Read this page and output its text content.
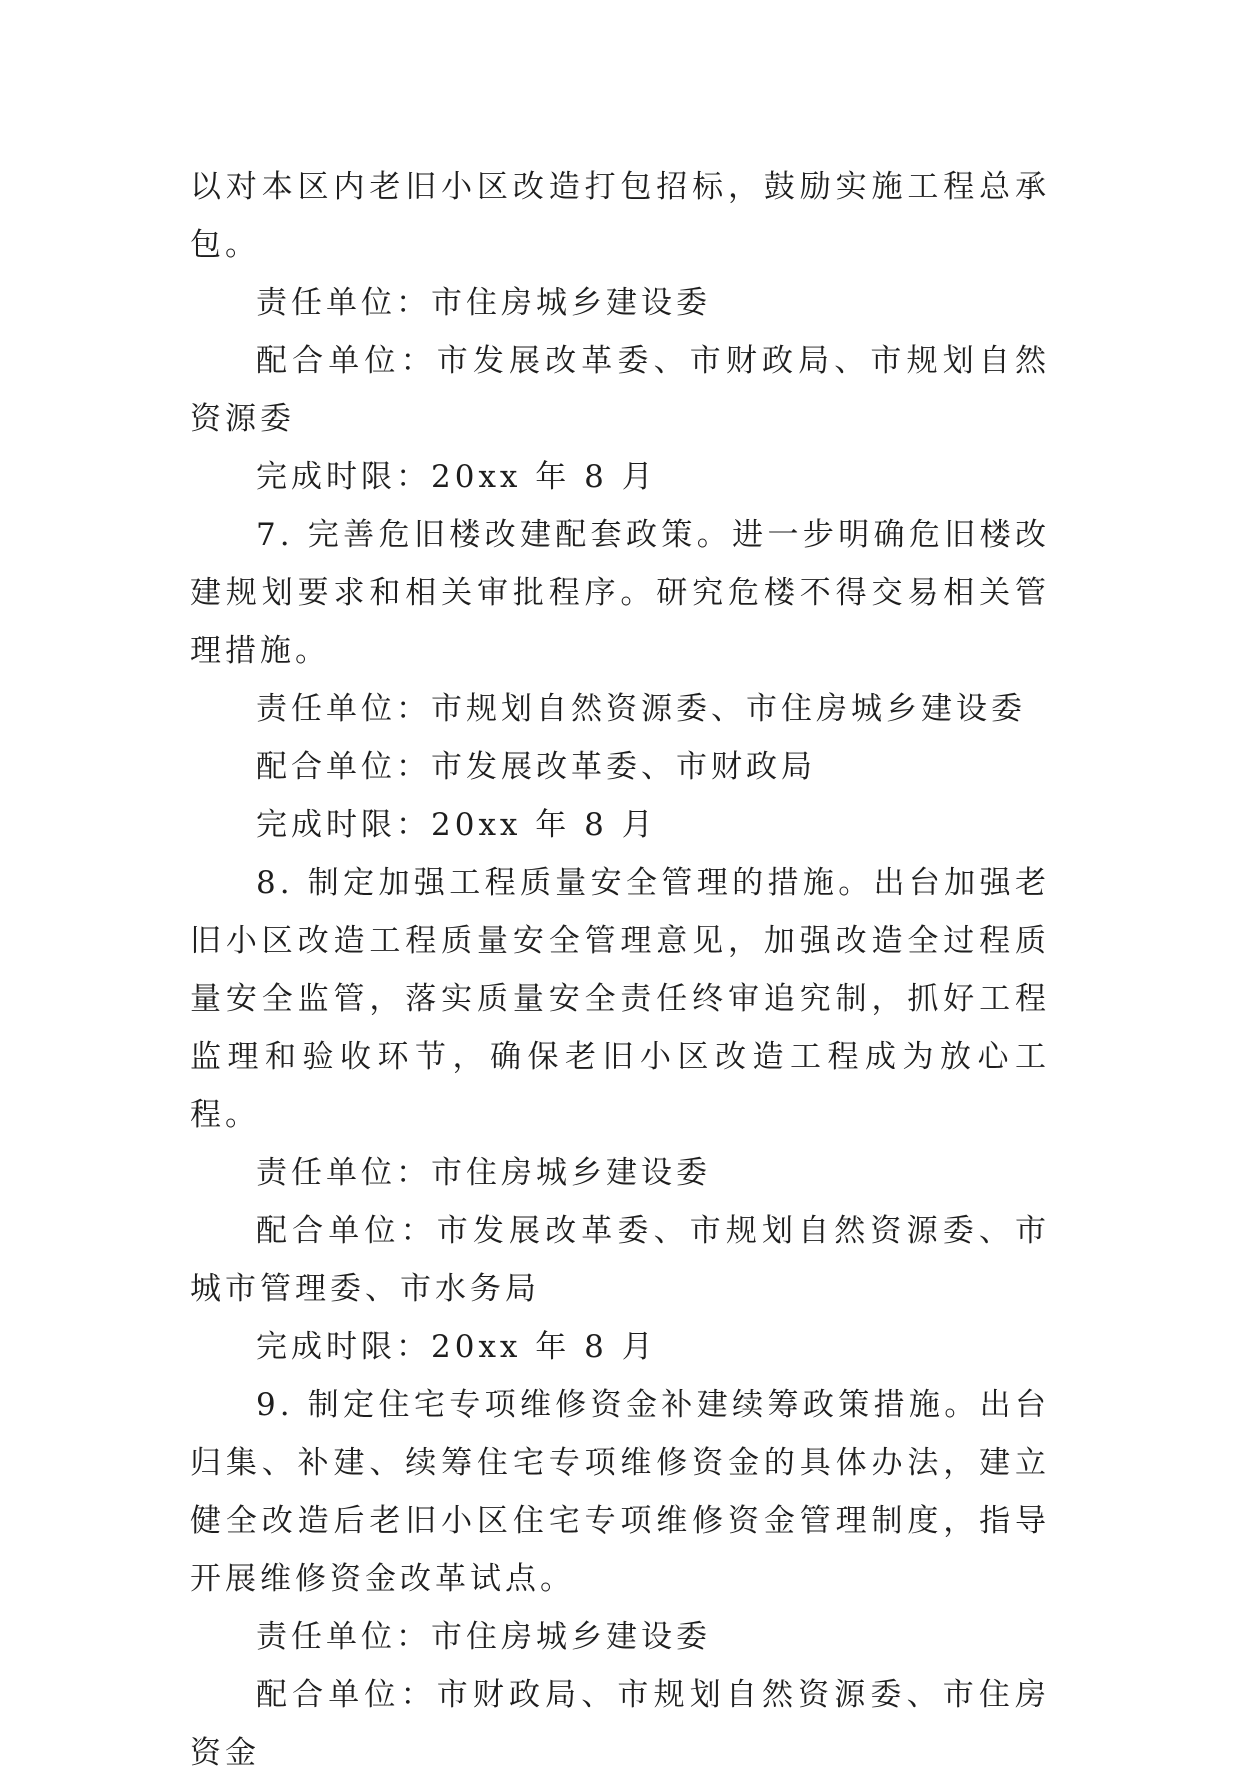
以对本区内老旧小区改造打包招标，鼓励实施工程总承包。

责任单位：市住房城乡建设委

配合单位：市发展改革委、市财政局、市规划自然资源委

完成时限：20xx 年 8 月

7. 完善危旧楼改建配套政策。进一步明确危旧楼改建规划要求和相关审批程序。研究危楼不得交易相关管理措施。

责任单位：市规划自然资源委、市住房城乡建设委

配合单位：市发展改革委、市财政局

完成时限：20xx 年 8 月

8. 制定加强工程质量安全管理的措施。出台加强老旧小区改造工程质量安全管理意见，加强改造全过程质量安全监管，落实质量安全责任终审追究制，抓好工程监理和验收环节，确保老旧小区改造工程成为放心工程。

责任单位：市住房城乡建设委

配合单位：市发展改革委、市规划自然资源委、市城市管理委、市水务局

完成时限：20xx 年 8 月

9. 制定住宅专项维修资金补建续筹政策措施。出台归集、补建、续筹住宅专项维修资金的具体办法，建立健全改造后老旧小区住宅专项维修资金管理制度，指导开展维修资金改革试点。

责任单位：市住房城乡建设委

配合单位：市财政局、市规划自然资源委、市住房资金
